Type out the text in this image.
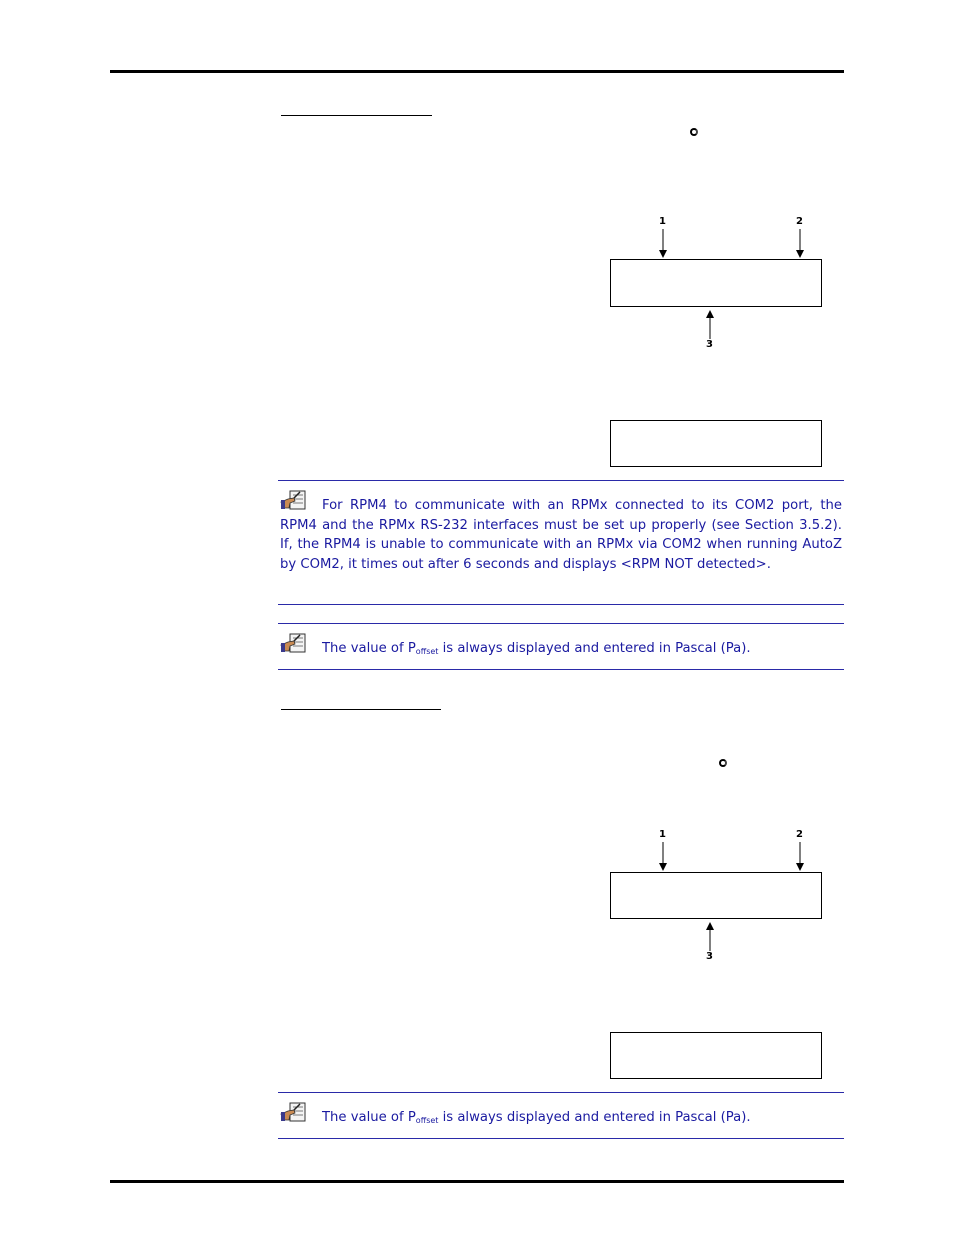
1	2
3
For RPM4 to communicate with an RPMx connected to its COM2 port, the RPM4 and the RPMx RS-232 interfaces must be set up properly (see Section 3.5.2). If, the RPM4 is unable to communicate with an RPMx via COM2 when running AutoZ by COM2, it times out after 6 seconds and displays <RPM NOT detected>.
The value of $P_{offset}$ is always displayed and entered in Pascal (Pa).
1	2
3
The value of $P_{offset}$ is always displayed and entered in Pascal (Pa).
